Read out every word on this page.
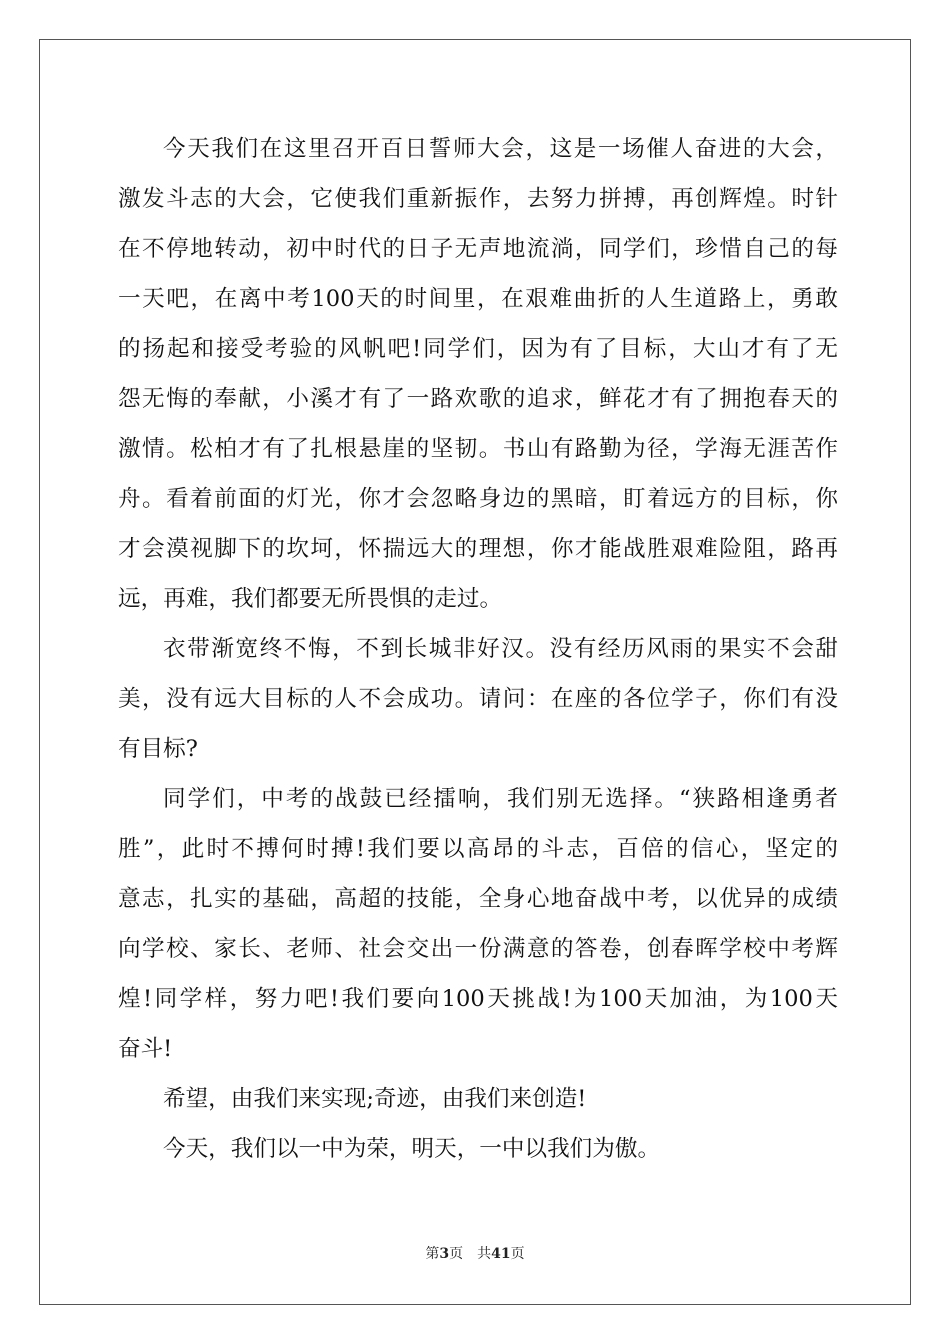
今天我们在这里召开百日誓师大会，这是一场催人奋进的大会，
激发斗志的大会，它使我们重新振作，去努力拼搏，再创辉煌。时针
在不停地转动，初中时代的日子无声地流淌，同学们，珍惜自己的每
一天吧，在离中考100天的时间里，在艰难曲折的人生道路上，勇敢
的扬起和接受考验的风帆吧!同学们，因为有了目标，大山才有了无
怨无悔的奉献，小溪才有了一路欢歌的追求，鲜花才有了拥抱春天的
激情。松柏才有了扎根悬崖的坚韧。书山有路勤为径，学海无涯苦作
舟。看着前面的灯光，你才会忽略身边的黑暗，盯着远方的目标，你
才会漠视脚下的坎坷，怀揣远大的理想，你才能战胜艰难险阻，路再
远，再难，我们都要无所畏惧的走过。
衣带渐宽终不悔，不到长城非好汉。没有经历风雨的果实不会甜
美，没有远大目标的人不会成功。请问：在座的各位学子，你们有没
有目标?
同学们，中考的战鼓已经擂响，我们别无选择。“狭路相逢勇者
胜”，此时不搏何时搏!我们要以高昂的斗志，百倍的信心，坚定的
意志，扎实的基础，高超的技能，全身心地奋战中考，以优异的成绩
向学校、家长、老师、社会交出一份满意的答卷，创春晖学校中考辉
煌!同学样，努力吧!我们要向100天挑战!为100天加油，为100天
奋斗!
希望，由我们来实现;奇迹，由我们来创造!
今天，我们以一中为荣，明天，一中以我们为傲。
第3页 共41页
